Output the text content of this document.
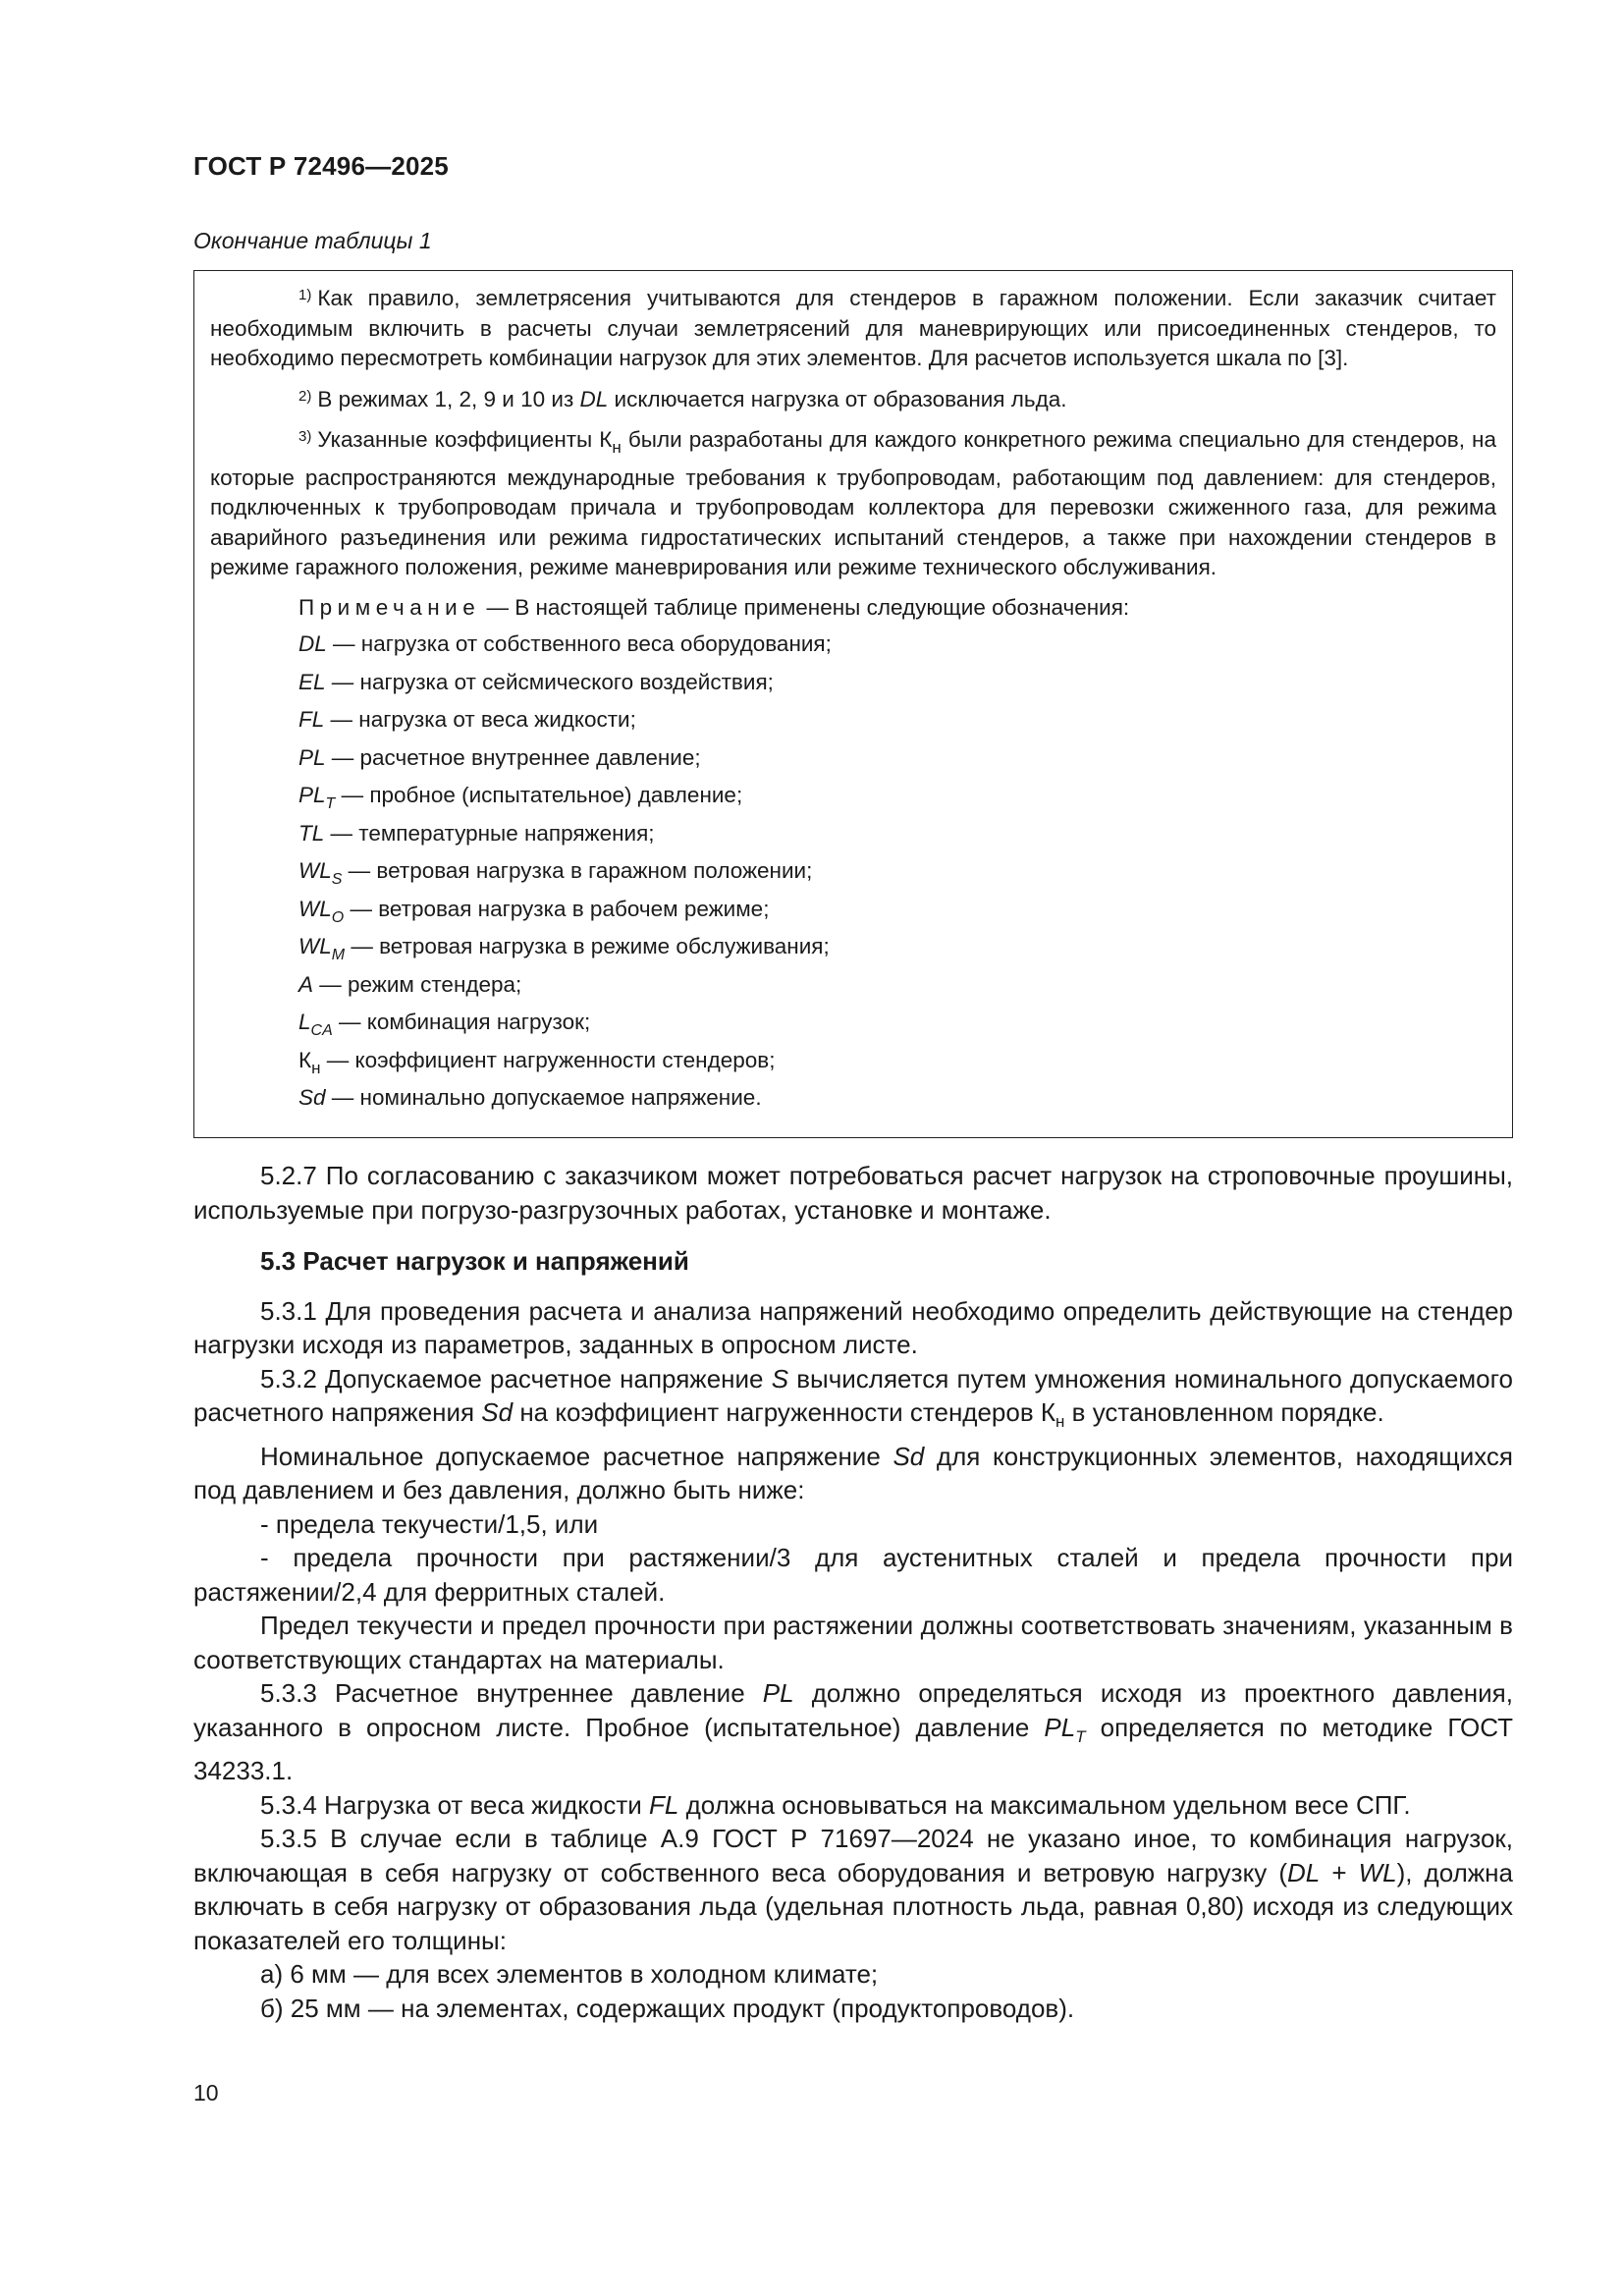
ГОСТ Р 72496—2025
Окончание таблицы 1

$^{1)}$ Как правило, землетрясения учитываются для стендеров в гаражном положении. Если заказчик считает необходимым включить в расчеты случаи землетрясений для маневрирующих или присоединенных стендеров, то необходимо пересмотреть комбинации нагрузок для этих элементов. Для расчетов используется шкала по [3].

$^{2)}$ В режимах 1, 2, 9 и 10 из DL исключается нагрузка от образования льда.

$^{3)}$ Указанные коэффициенты $К_н$ были разработаны для каждого конкретного режима специально для стендеров, на которые распространяются международные требования к трубопроводам, работающим под давлением: для стендеров, подключенных к трубопроводам причала и трубопроводам коллектора для перевозки сжиженного газа, для режима аварийного разъединения или режима гидростатических испытаний стендеров, а также при нахождении стендеров в режиме гаражного положения, режиме маневрирования или режиме технического обслуживания.

Примечание — В настоящей таблице применены следующие обозначения:
DL — нагрузка от собственного веса оборудования;
EL — нагрузка от сейсмического воздействия;
FL — нагрузка от веса жидкости;
PL — расчетное внутреннее давление;
$PL_T$ — пробное (испытательное) давление;
TL — температурные напряжения;
$WL_S$ — ветровая нагрузка в гаражном положении;
$WL_O$ — ветровая нагрузка в рабочем режиме;
$WL_M$ — ветровая нагрузка в режиме обслуживания;
A — режим стендера;
$L_{CA}$ — комбинация нагрузок;
$К_н$ — коэффициент нагруженности стендеров;
Sd — номинально допускаемое напряжение.

5.2.7 По согласованию с заказчиком может потребоваться расчет нагрузок на строповочные проушины, используемые при погрузо-разгрузочных работах, установке и монтаже.

5.3 Расчет нагрузок и напряжений

5.3.1 Для проведения расчета и анализа напряжений необходимо определить действующие на стендер нагрузки исходя из параметров, заданных в опросном листе.

5.3.2 Допускаемое расчетное напряжение S вычисляется путем умножения номинального допускаемого расчетного напряжения Sd на коэффициент нагруженности стендеров $К_н$ в установленном порядке.

Номинальное допускаемое расчетное напряжение Sd для конструкционных элементов, находящихся под давлением и без давления, должно быть ниже:

- предела текучести/1,5, или

- предела прочности при растяжении/3 для аустенитных сталей и предела прочности при растяжении/2,4 для ферритных сталей.

Предел текучести и предел прочности при растяжении должны соответствовать значениям, указанным в соответствующих стандартах на материалы.

5.3.3 Расчетное внутреннее давление PL должно определяться исходя из проектного давления, указанного в опросном листе. Пробное (испытательное) давление $PL_T$ определяется по методике ГОСТ 34233.1.

5.3.4 Нагрузка от веса жидкости FL должна основываться на максимальном удельном весе СПГ.

5.3.5 В случае если в таблице А.9 ГОСТ Р 71697—2024 не указано иное, то комбинация нагрузок, включающая в себя нагрузку от собственного веса оборудования и ветровую нагрузку (DL + WL), должна включать в себя нагрузку от образования льда (удельная плотность льда, равная 0,80) исходя из следующих показателей его толщины:

а) 6 мм — для всех элементов в холодном климате;

б) 25 мм — на элементах, содержащих продукт (продуктопроводов).

10
